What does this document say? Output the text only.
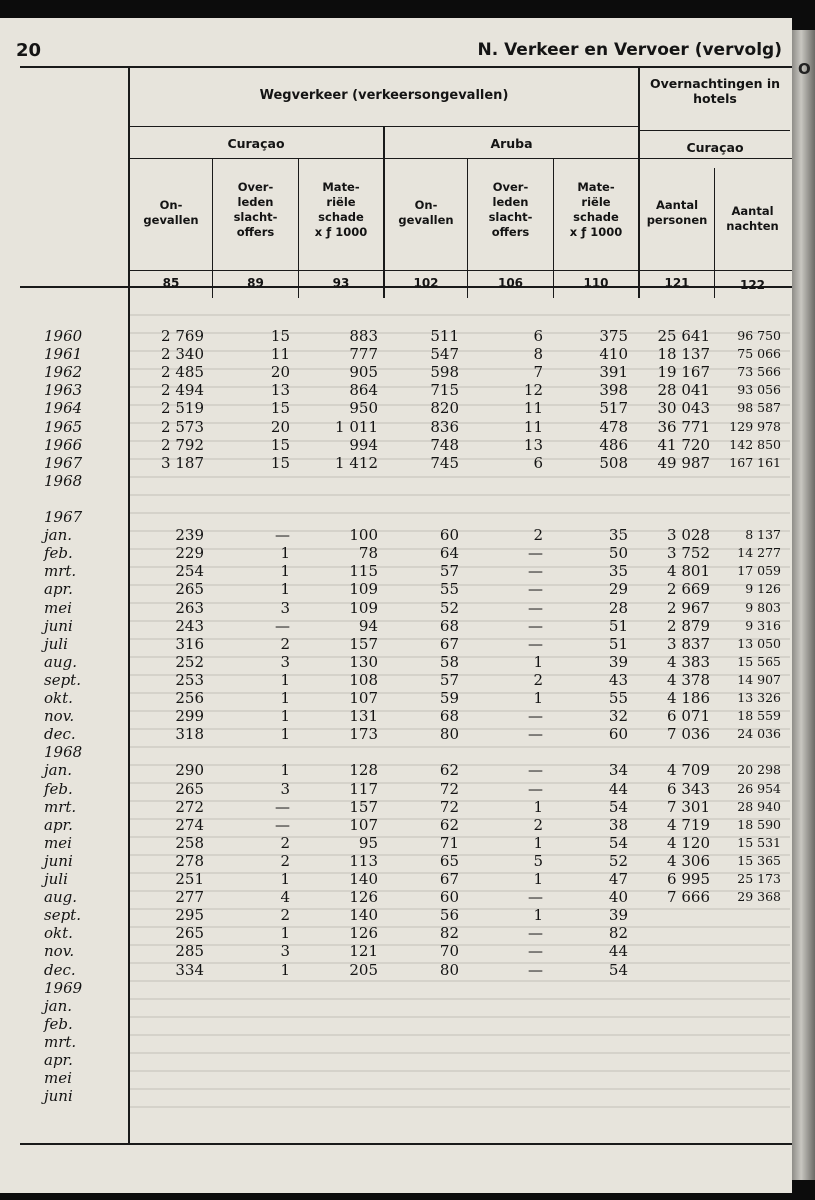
20	N. Verkeer en Vervoer (vervolg)
Wegverkeer (verkeersongevallen)
Overnachtingen in hotels
Curaçao	Aruba	Curaçao
On-
gevallen
Over-
leden
slacht-
offers
Mate-
riële
schade
x ƒ 1000
On-
gevallen
Over-
leden
slacht-
offers
Mate-
riële
schade
x ƒ 1000
Aantal
personen
Aantal
nachten
85	89	93	102	106	110	121	122
1960	2 769	15	883	511	6	375	25 641	96 750
1961	2 340	11	777	547	8	410	18 137	75 066
1962	2 485	20	905	598	7	391	19 167	73 566
1963	2 494	13	864	715	12	398	28 041	93 056
1964	2 519	15	950	820	11	517	30 043	98 587
1965	2 573	20	1 011	836	11	478	36 771	129 978
1966	2 792	15	994	748	13	486	41 720	142 850
1967	3 187	15	1 412	745	6	508	49 987	167 161
1968
1967
jan.	239	—	100	60	2	35	3 028	8 137
feb.	229	1	78	64	—	50	3 752	14 277
mrt.	254	1	115	57	—	35	4 801	17 059
apr.	265	1	109	55	—	29	2 669	9 126
mei	263	3	109	52	—	28	2 967	9 803
juni	243	—	94	68	—	51	2 879	9 316
juli	316	2	157	67	—	51	3 837	13 050
aug.	252	3	130	58	1	39	4 383	15 565
sept.	253	1	108	57	2	43	4 378	14 907
okt.	256	1	107	59	1	55	4 186	13 326
nov.	299	1	131	68	—	32	6 071	18 559
dec.	318	1	173	80	—	60	7 036	24 036
1968
jan.	290	1	128	62	—	34	4 709	20 298
feb.	265	3	117	72	—	44	6 343	26 954
mrt.	272	—	157	72	1	54	7 301	28 940
apr.	274	—	107	62	2	38	4 719	18 590
mei	258	2	95	71	1	54	4 120	15 531
juni	278	2	113	65	5	52	4 306	15 365
juli	251	1	140	67	1	47	6 995	25 173
aug.	277	4	126	60	—	40	7 666	29 368
sept.	295	2	140	56	1	39
okt.	265	1	126	82	—	82
nov.	285	3	121	70	—	44
dec.	334	1	205	80	—	54
1969
jan.
feb.
mrt.
apr.
mei
juni
O
